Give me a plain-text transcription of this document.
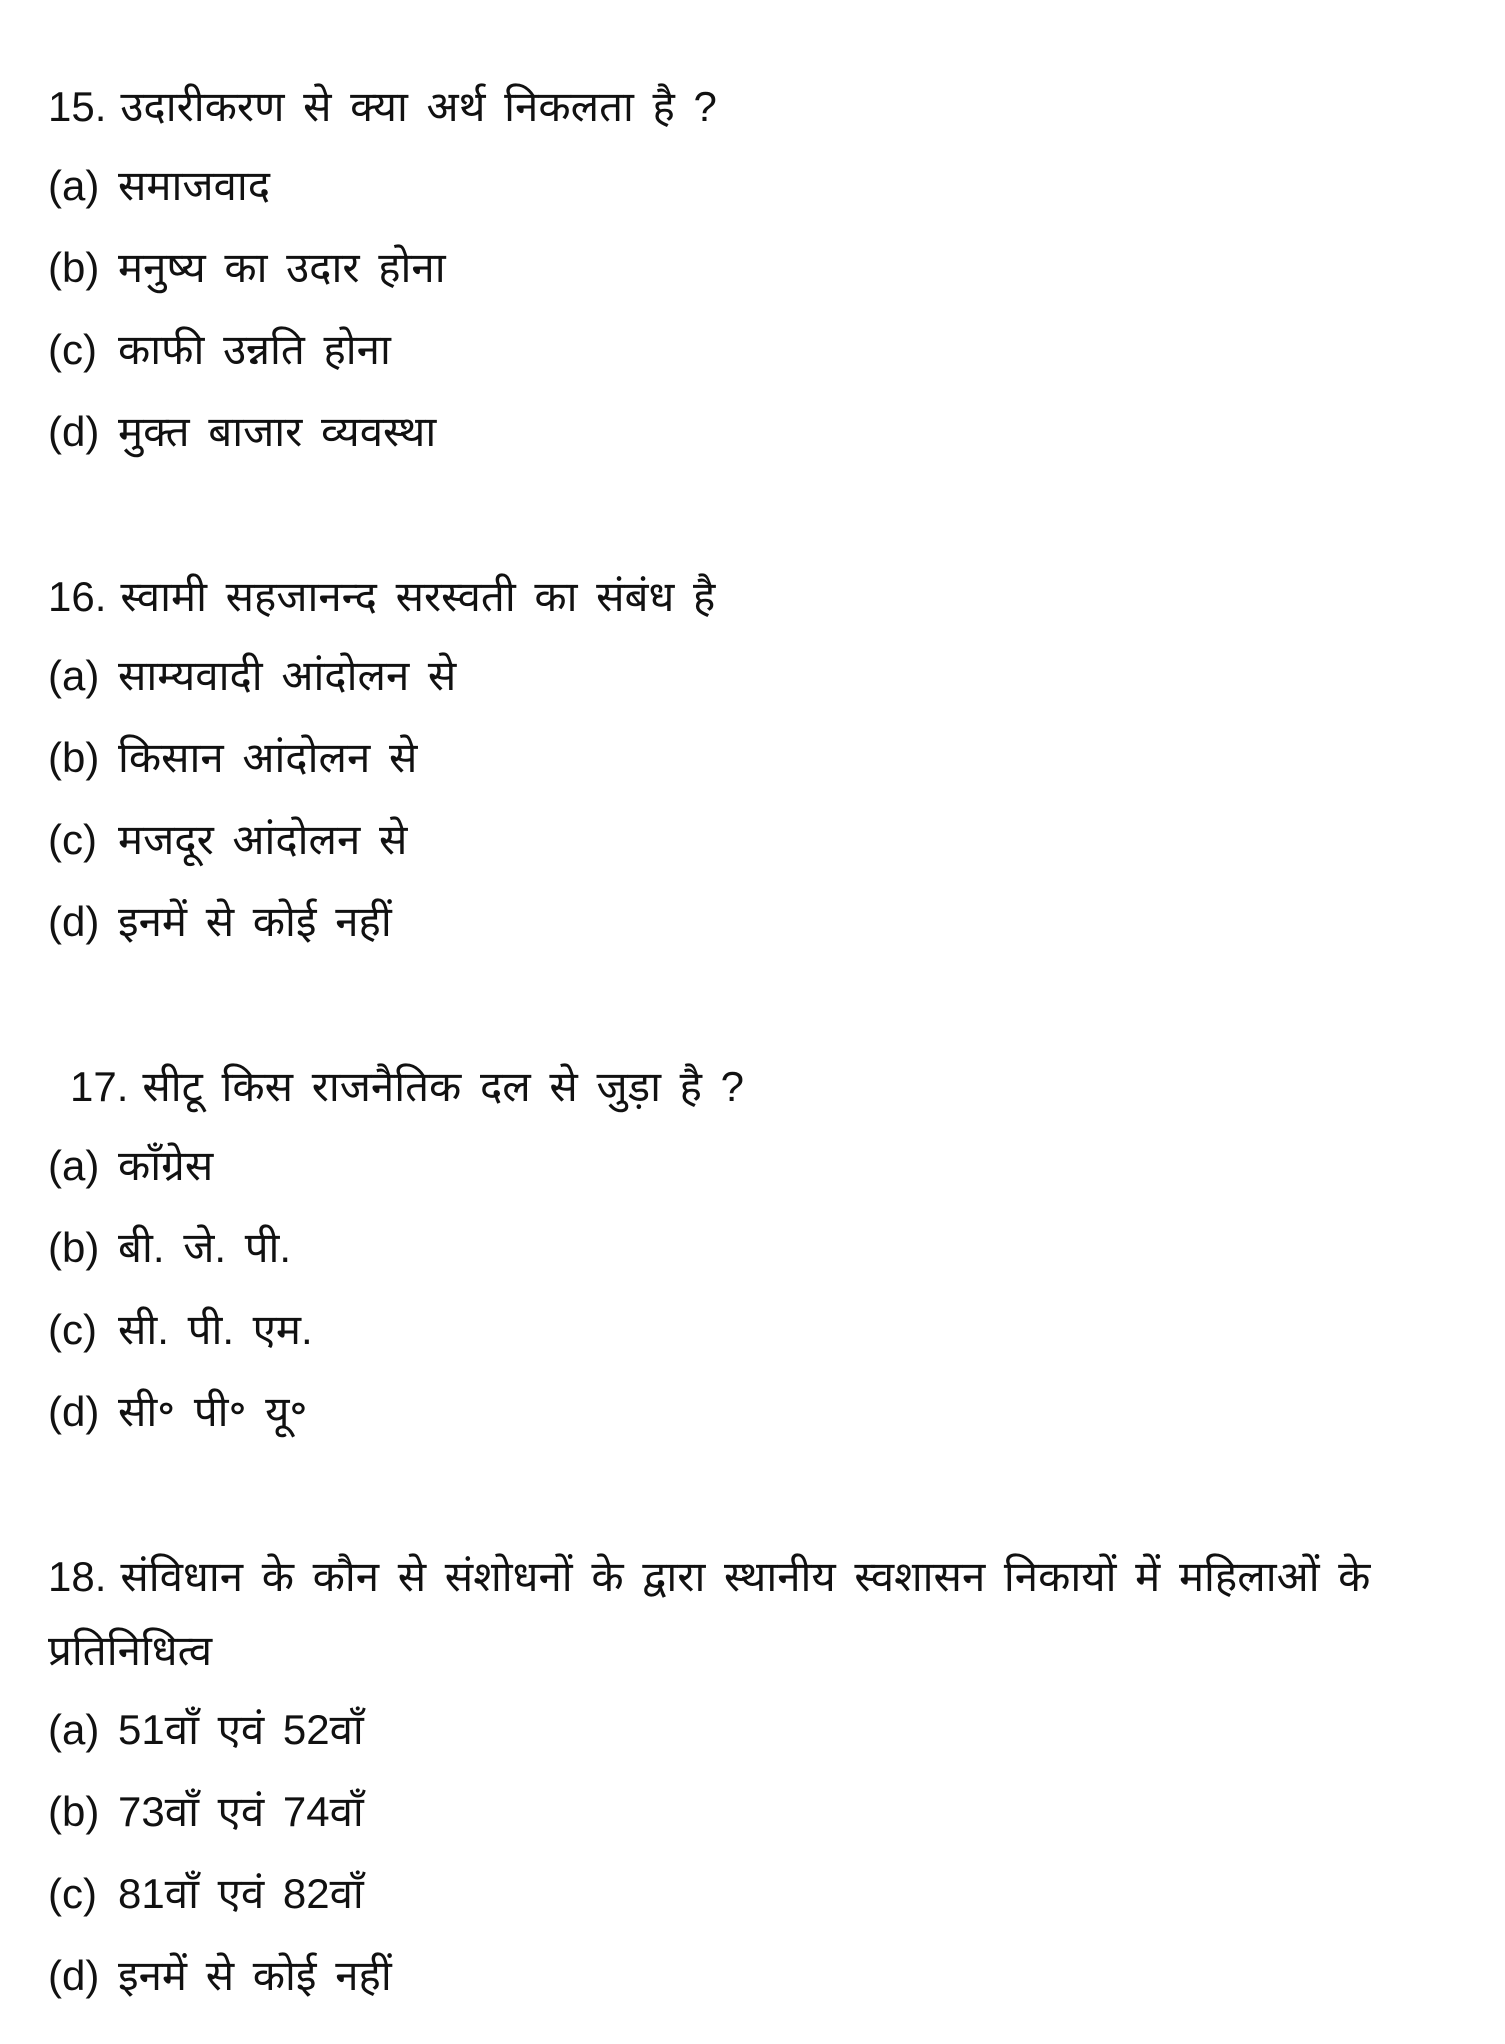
15. उदारीकरण से क्या अर्थ निकलता है ?
(a) समाजवाद
(b) मनुष्य का उदार होना
(c) काफी उन्नति होना
(d) मुक्त बाजार व्यवस्था
16. स्वामी सहजानन्द सरस्वती का संबंध है
(a) साम्यवादी आंदोलन से
(b) किसान आंदोलन से
(c) मजदूर आंदोलन से
(d) इनमें से कोई नहीं
17. सीटू किस राजनैतिक दल से जुड़ा है ?
(a) काँग्रेस
(b) बी. जे. पी.
(c) सी. पी. एम.
(d) सी॰ पी॰ यू॰
18. संविधान के कौन से संशोधनों के द्वारा स्थानीय स्वशासन निकायों में महिलाओं के प्रतिनिधित्व
(a) 51वाँ एवं 52वाँ
(b) 73वाँ एवं 74वाँ
(c) 81वाँ एवं 82वाँ
(d) इनमें से कोई नहीं
